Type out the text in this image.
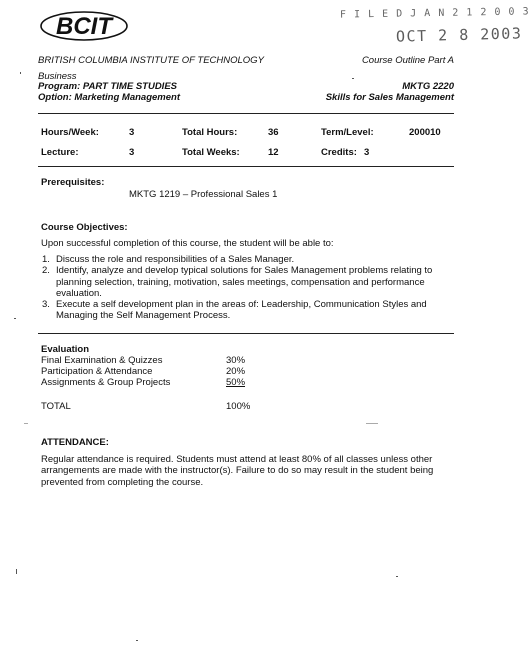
BCIT	F I L E D J A N 2 1 2 0 0 3
OCT 2 8 2003
BRITISH COLUMBIA INSTITUTE OF TECHNOLOGY	Course Outline Part A
Business
Program: PART TIME STUDIES	MKTG 2220
Option: Marketing Management	Skills for Sales Management
Hours/Week:	3	Total Hours:	36	Term/Level:	200010
Lecture:	3	Total Weeks:	12	Credits: 3
Prerequisites:
MKTG 1219 – Professional Sales 1
Course Objectives:
Upon successful completion of this course, the student will be able to:
1. Discuss the role and responsibilities of a Sales Manager.
2. Identify, analyze and develop typical solutions for Sales Management problems relating to planning selection, training, motivation, sales meetings, compensation and performance evaluation.
3. Execute a self development plan in the areas of: Leadership, Communication Styles and Managing the Self Management Process.
Evaluation
Final Examination & Quizzes	30%
Participation & Attendance	20%
Assignments & Group Projects	50%
TOTAL	100%
ATTENDANCE:
Regular attendance is required. Students must attend at least 80% of all classes unless other arrangements are made with the instructor(s). Failure to do so may result in the student being prevented from completing the course.
